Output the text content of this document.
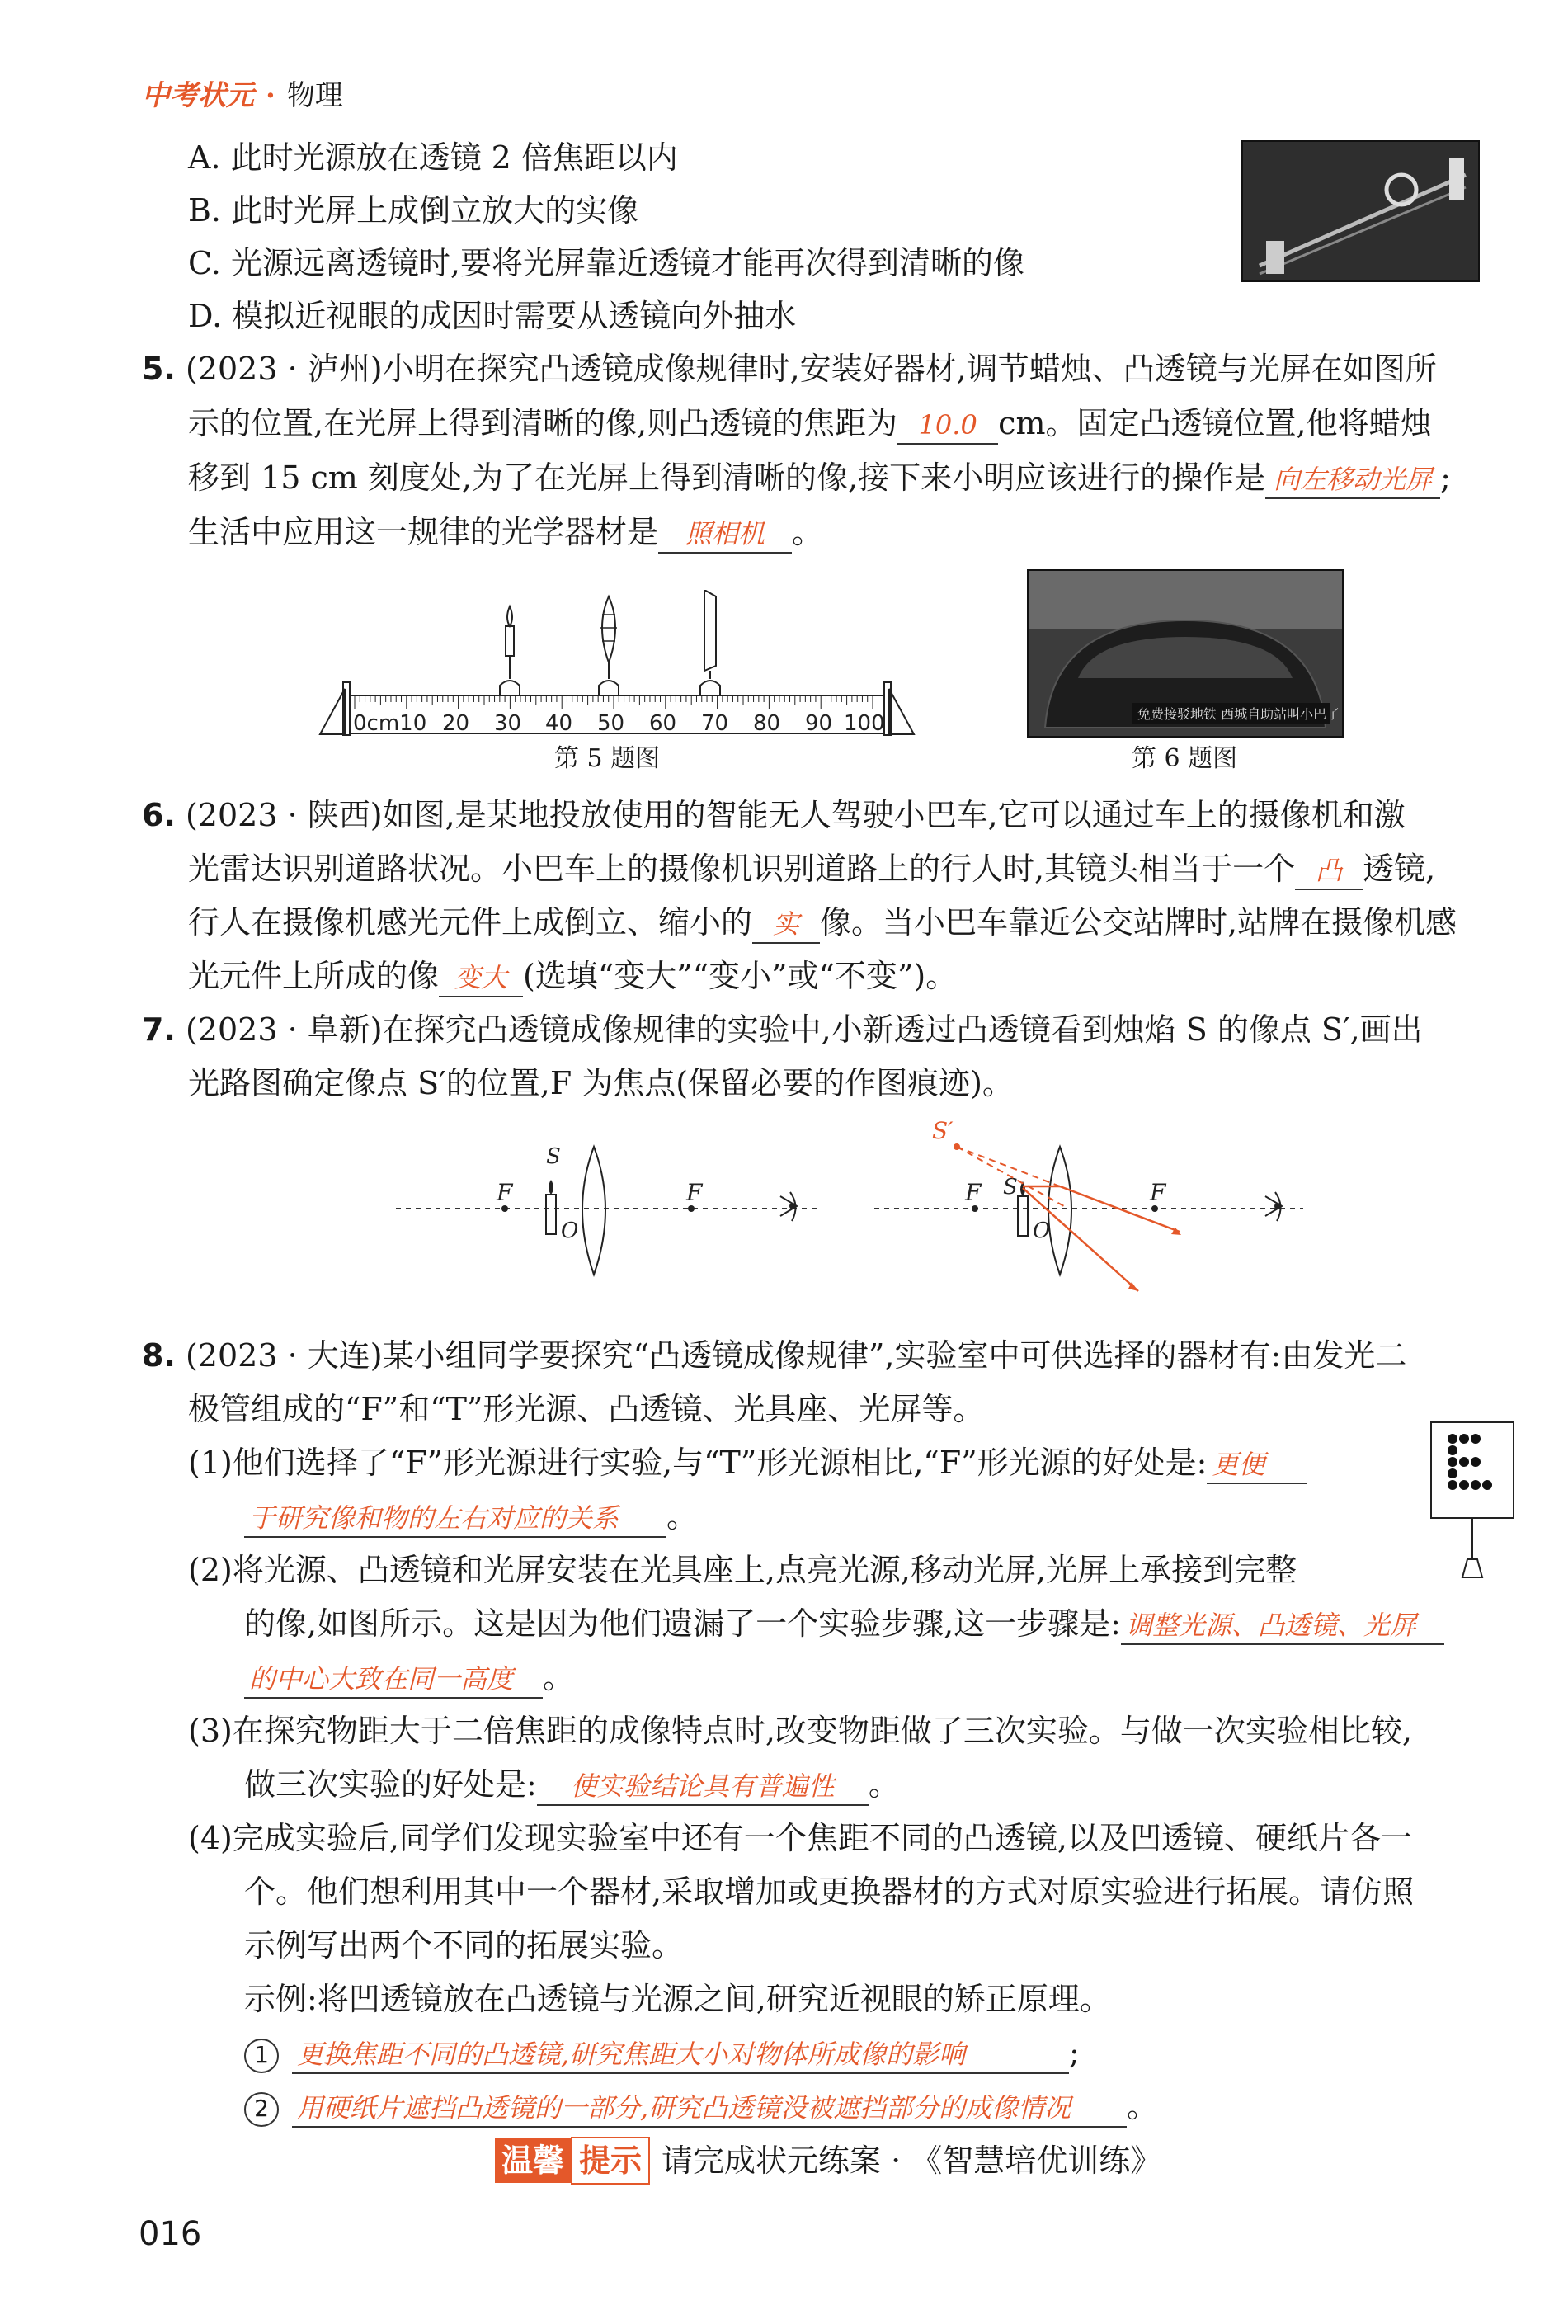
中考状元 · 物理
A. 此时光源放在透镜 2 倍焦距以内
B. 此时光屏上成倒立放大的实像
C. 光源远离透镜时,要将光屏靠近透镜才能再次得到清晰的像
D. 模拟近视眼的成因时需要从透镜向外抽水
5. (2023 · 泸州)小明在探究凸透镜成像规律时,安装好器材,调节蜡烛、凸透镜与光屏在如图所
示的位置,在光屏上得到清晰的像,则凸透镜的焦距为 10.0 cm。固定凸透镜位置,他将蜡烛
移到 15 cm 刻度处,为了在光屏上得到清晰的像,接下来小明应该进行的操作是 向左移动光屏 ;
生活中应用这一规律的光学器材是 照相机 。
0cm10 20 30 40 50 60 70 80 90 100
第 5 题图
免费接驳地铁 西城自助站叫小巴了
第 6 题图
6. (2023 · 陕西)如图,是某地投放使用的智能无人驾驶小巴车,它可以通过车上的摄像机和激
光雷达识别道路状况。小巴车上的摄像机识别道路上的行人时,其镜头相当于一个 凸 透镜,
行人在摄像机感光元件上成倒立、缩小的 实 像。当小巴车靠近公交站牌时,站牌在摄像机感
光元件上所成的像 变大 (选填“变大”“变小”或“不变”)。
7. (2023 · 阜新)在探究凸透镜成像规律的实验中,小新透过凸透镜看到烛焰 S 的像点 S′,画出
光路图确定像点 S′的位置,F 为焦点(保留必要的作图痕迹)。
F	F
S
O
F	F
S
O
S′
8. (2023 · 大连)某小组同学要探究“凸透镜成像规律”,实验室中可供选择的器材有:由发光二
极管组成的“F”和“T”形光源、凸透镜、光具座、光屏等。
(1)他们选择了“F”形光源进行实验,与“T”形光源相比,“F”形光源的好处是: 更便
于研究像和物的左右对应的关系 。
(2)将光源、凸透镜和光屏安装在光具座上,点亮光源,移动光屏,光屏上承接到完整
的像,如图所示。这是因为他们遗漏了一个实验步骤,这一步骤是: 调整光源、凸透镜、光屏
的中心大致在同一高度 。
(3)在探究物距大于二倍焦距的成像特点时,改变物距做了三次实验。与做一次实验相比较,
做三次实验的好处是: 使实验结论具有普遍性 。
(4)完成实验后,同学们发现实验室中还有一个焦距不同的凸透镜,以及凹透镜、硬纸片各一
个。他们想利用其中一个器材,采取增加或更换器材的方式对原实验进行拓展。请仿照
示例写出两个不同的拓展实验。
示例:将凹透镜放在凸透镜与光源之间,研究近视眼的矫正原理。
1 更换焦距不同的凸透镜,研究焦距大小对物体所成像的影响	;
2 用硬纸片遮挡凸透镜的一部分,研究凸透镜没被遮挡部分的成像情况 。
温馨 提示 请完成状元练案 · 《智慧培优训练》
016
